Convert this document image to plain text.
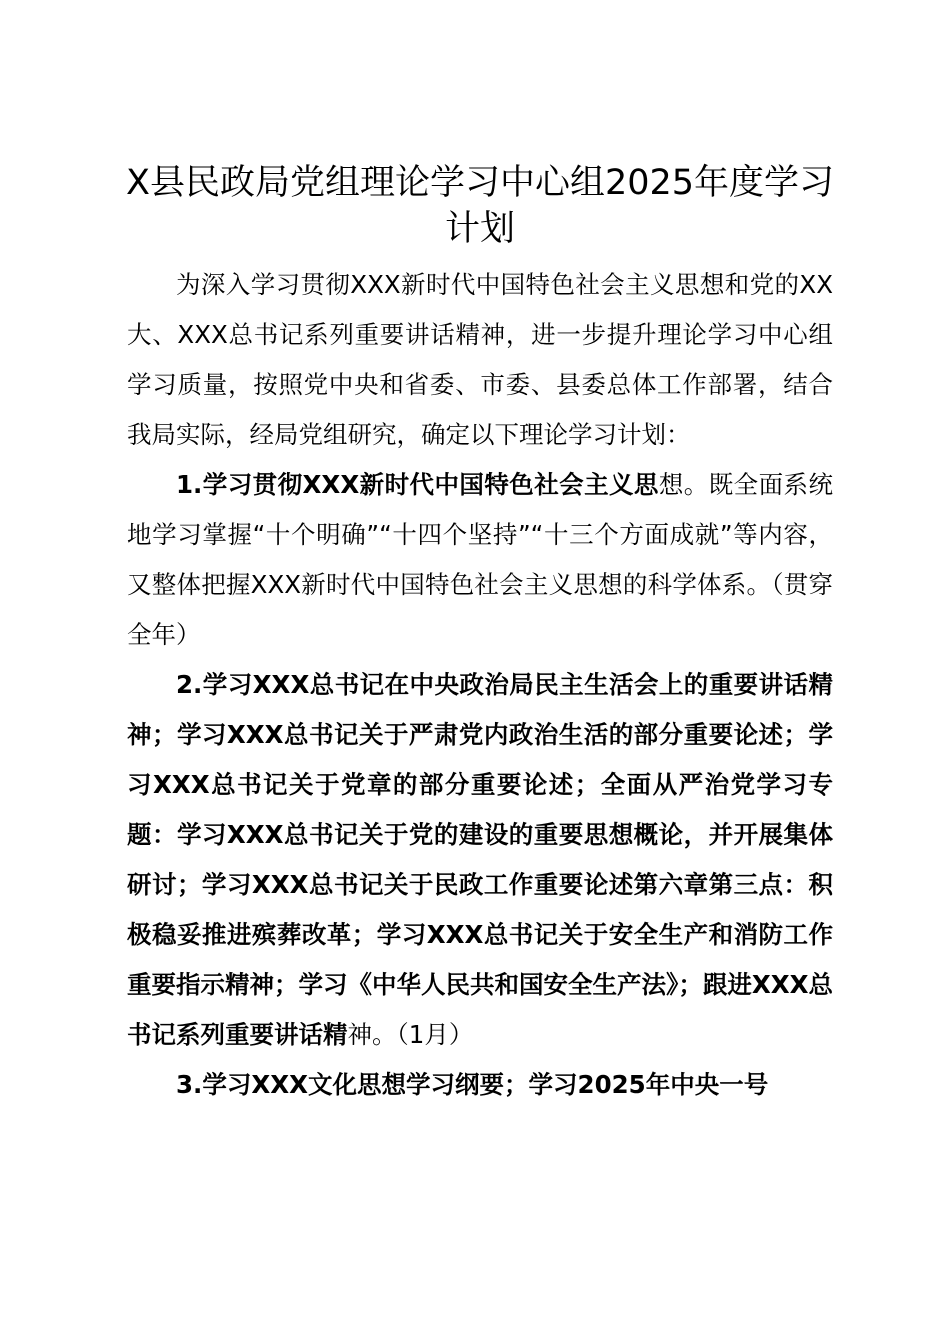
X县民政局党组理论学习中心组2025年度学习计划

为深入学习贯彻XXX新时代中国特色社会主义思想和党的XX大、XXX总书记系列重要讲话精神，进一步提升理论学习中心组学习质量，按照党中央和省委、市委、县委总体工作部署，结合我局实际，经局党组研究，确定以下理论学习计划：

1.学习贯彻XXX新时代中国特色社会主义思想。既全面系统地学习掌握“十个明确”“十四个坚持”“十三个方面成就”等内容，又整体把握XXX新时代中国特色社会主义思想的科学体系。（贯穿全年）

2.学习XXX总书记在中央政治局民主生活会上的重要讲话精神；学习XXX总书记关于严肃党内政治生活的部分重要论述；学习XXX总书记关于党章的部分重要论述；全面从严治党学习专题：学习XXX总书记关于党的建设的重要思想概论，并开展集体研讨；学习XXX总书记关于民政工作重要论述第六章第三点：积极稳妥推进殡葬改革；学习XXX总书记关于安全生产和消防工作重要指示精神；学习《中华人民共和国安全生产法》；跟进XXX总书记系列重要讲话精神。（1月）

3.学习XXX文化思想学习纲要；学习2025年中央一号
